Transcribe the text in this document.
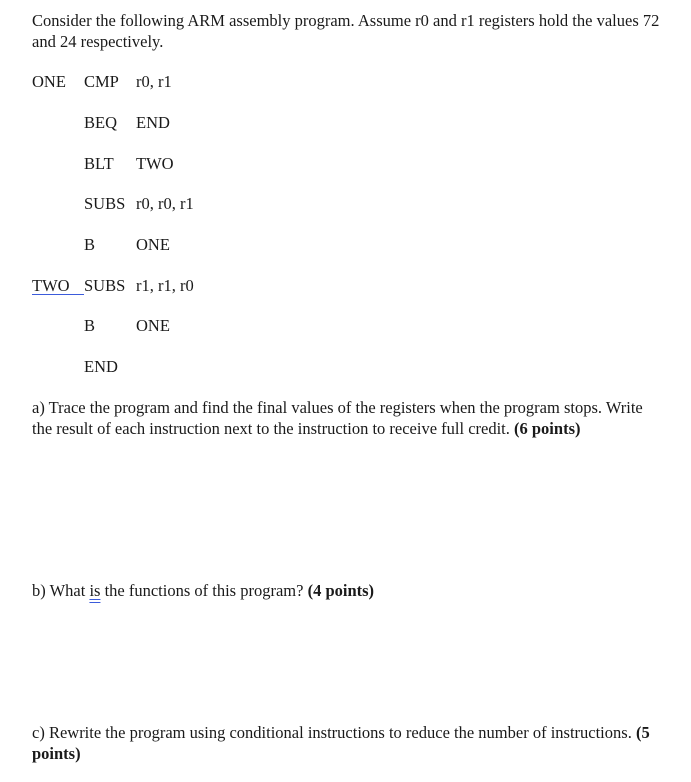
Consider the following ARM assembly program. Assume r0 and r1 registers hold the values 72 and 24 respectively.
ONE CMP r0, r1
BEQ END
BLT TWO
SUBS r0, r0, r1
B ONE
TWO SUBS r1, r1, r0
B ONE
END
a) Trace the program and find the final values of the registers when the program stops. Write the result of each instruction next to the instruction to receive full credit. (6 points)
b) What is the functions of this program? (4 points)
c) Rewrite the program using conditional instructions to reduce the number of instructions. (5 points)
